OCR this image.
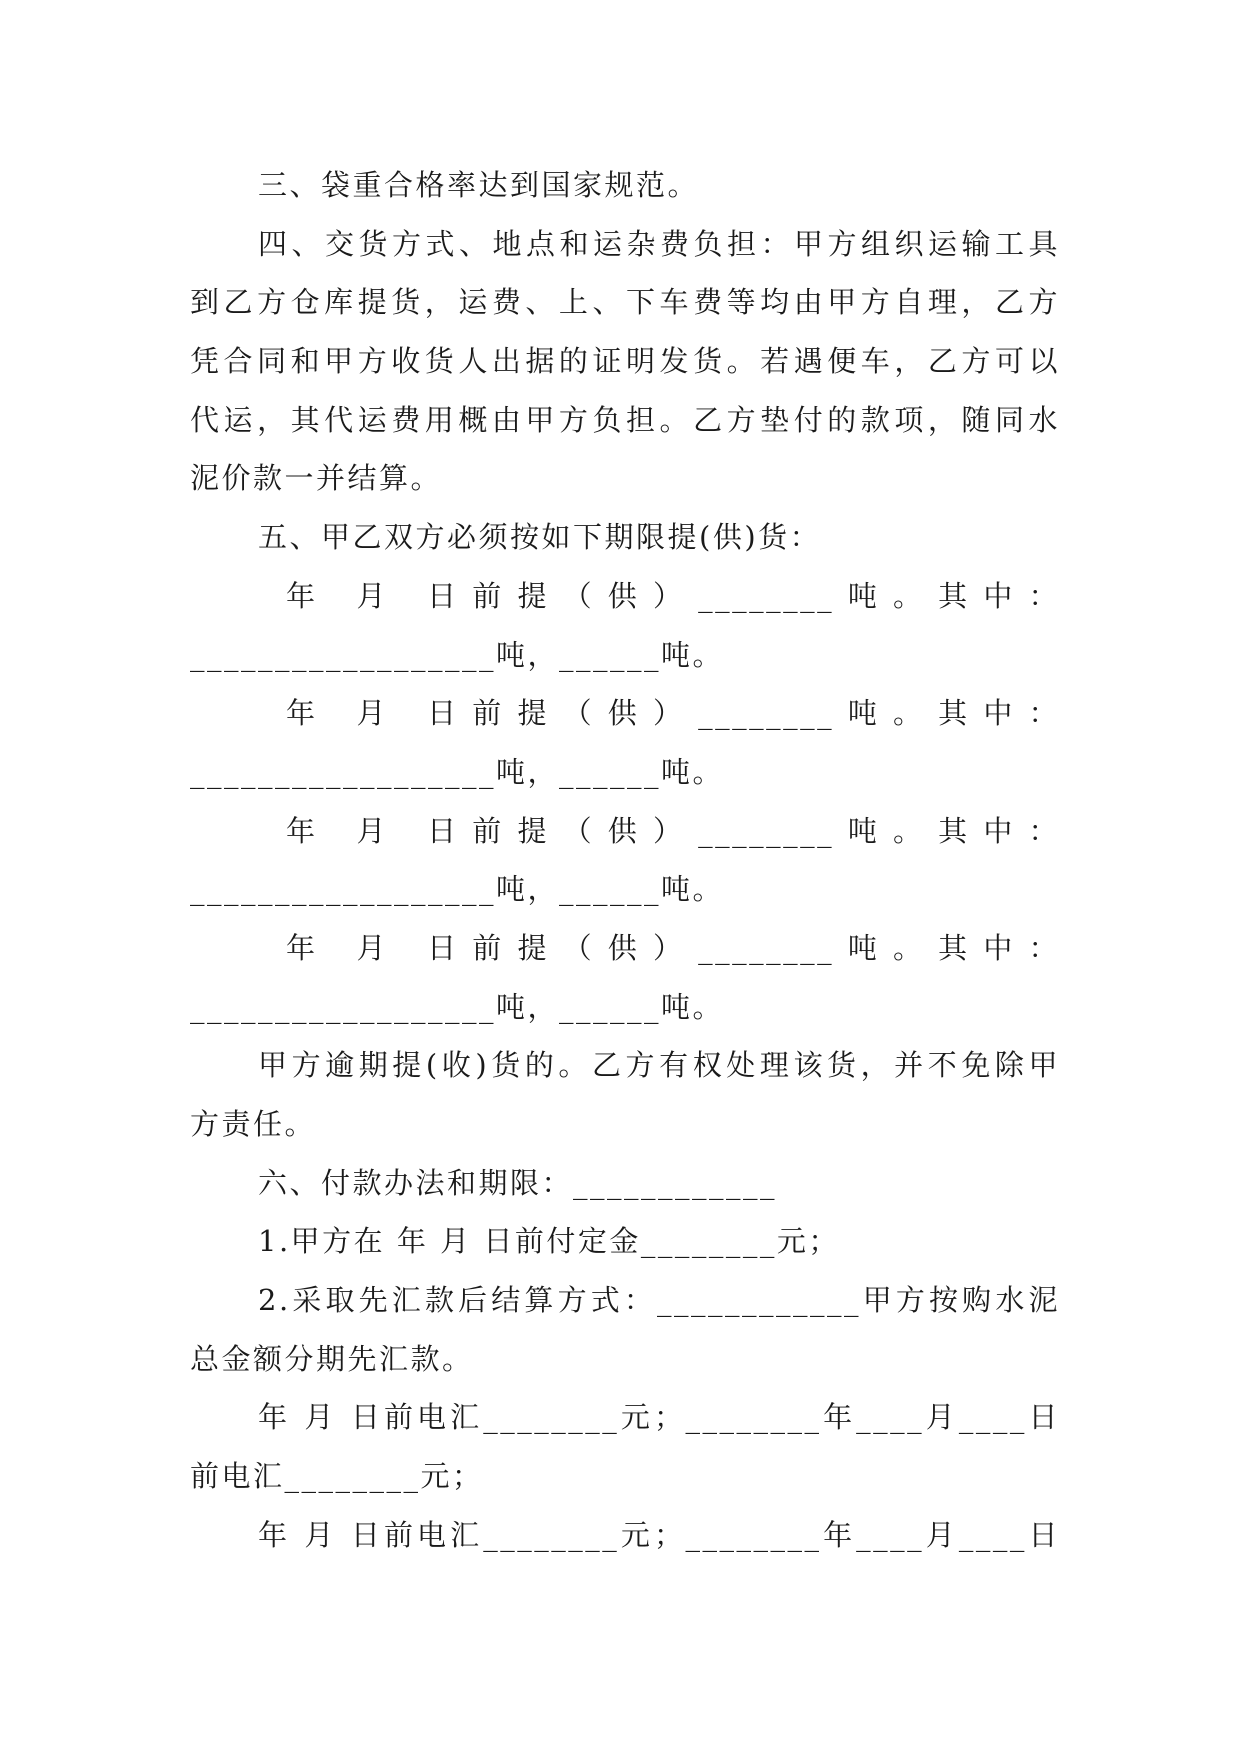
三、袋重合格率达到国家规范。
四、交货方式、地点和运杂费负担：甲方组织运输工具
到乙方仓库提货，运费、上、下车费等均由甲方自理，乙方
凭合同和甲方收货人出据的证明发货。若遇便车，乙方可以
代运，其代运费用概由甲方负担。乙方垫付的款项，随同水
泥价款一并结算。
五、甲乙双方必须按如下期限提(供)货：
年 月 日前提（供）________吨。其中：
__________________吨，______吨。
年 月 日前提（供）________吨。其中：
__________________吨，______吨。
年 月 日前提（供）________吨。其中：
__________________吨，______吨。
年 月 日前提（供）________吨。其中：
__________________吨，______吨。
甲方逾期提(收)货的。乙方有权处理该货，并不免除甲
方责任。
六、付款办法和期限：____________
1.甲方在 年 月 日前付定金________元；
2.采取先汇款后结算方式：____________甲方按购水泥
总金额分期先汇款。
年 月 日前电汇________元；________年____月____日
前电汇________元；
年 月 日前电汇________元；________年____月____日
